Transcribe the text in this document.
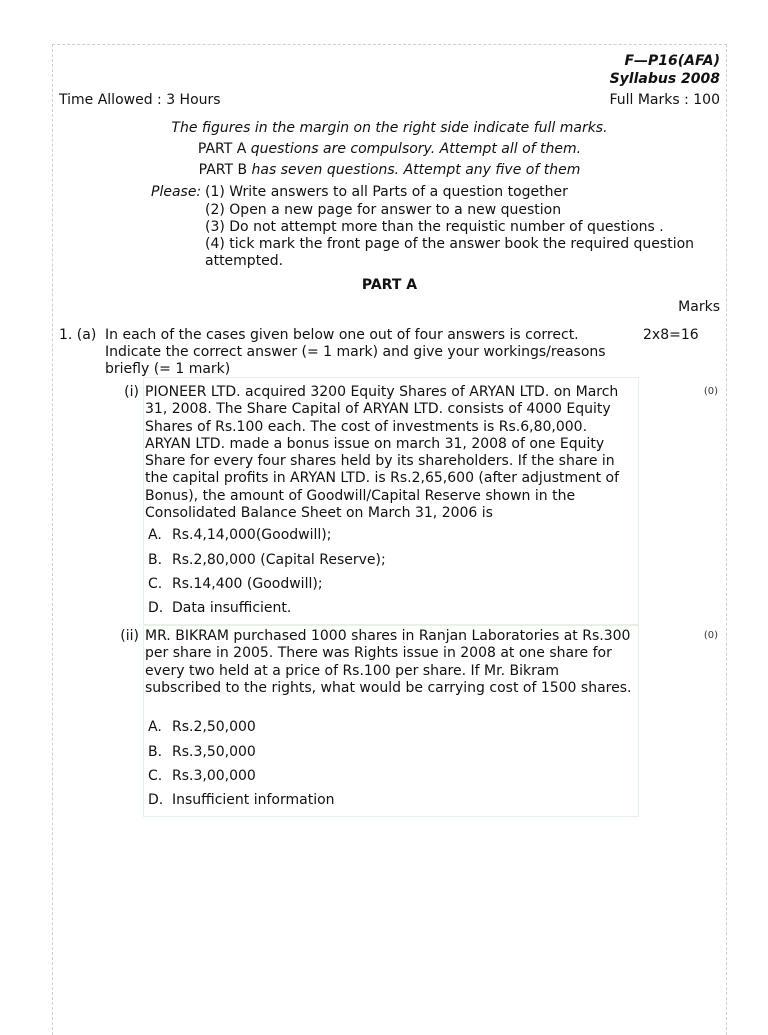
F—P16(AFA)
Syllabus 2008
Time Allowed : 3 Hours	Full Marks : 100
The figures in the margin on the right side indicate full marks.
PART A questions are compulsory. Attempt all of them.
PART B has seven questions. Attempt any five of them
Please: (1) Write answers to all Parts of a question together
(2) Open a new page for answer to a new question
(3) Do not attempt more than the requistic number of questions .
(4) tick mark the front page of the answer book the required question
attempted.
PART A
Marks
1. (a) In each of the cases given below one out of four answers is correct. Indicate the correct answer (= 1 mark) and give your workings/reasons briefly (= 1 mark)
2x8=16
(i) PIONEER LTD. acquired 3200 Equity Shares of ARYAN LTD. on March 31, 2008. The Share Capital of ARYAN LTD. consists of 4000 Equity Shares of Rs.100 each. The cost of investments is Rs.6,80,000. ARYAN LTD. made a bonus issue on march 31, 2008 of one Equity Share for every four shares held by its shareholders. If the share in the capital profits in ARYAN LTD. is Rs.2,65,600 (after adjustment of Bonus), the amount of Goodwill/Capital Reserve shown in the Consolidated Balance Sheet on March 31, 2006 is
(0)
A. Rs.4,14,000(Goodwill);
B. Rs.2,80,000 (Capital Reserve);
C. Rs.14,400 (Goodwill);
D. Data insufficient.
(ii) MR. BIKRAM purchased 1000 shares in Ranjan Laboratories at Rs.300 per share in 2005. There was Rights issue in 2008 at one share for every two held at a price of Rs.100 per share. If Mr. Bikram subscribed to the rights, what would be carrying cost of 1500 shares.
(0)
A. Rs.2,50,000
B. Rs.3,50,000
C. Rs.3,00,000
D. Insufficient information
